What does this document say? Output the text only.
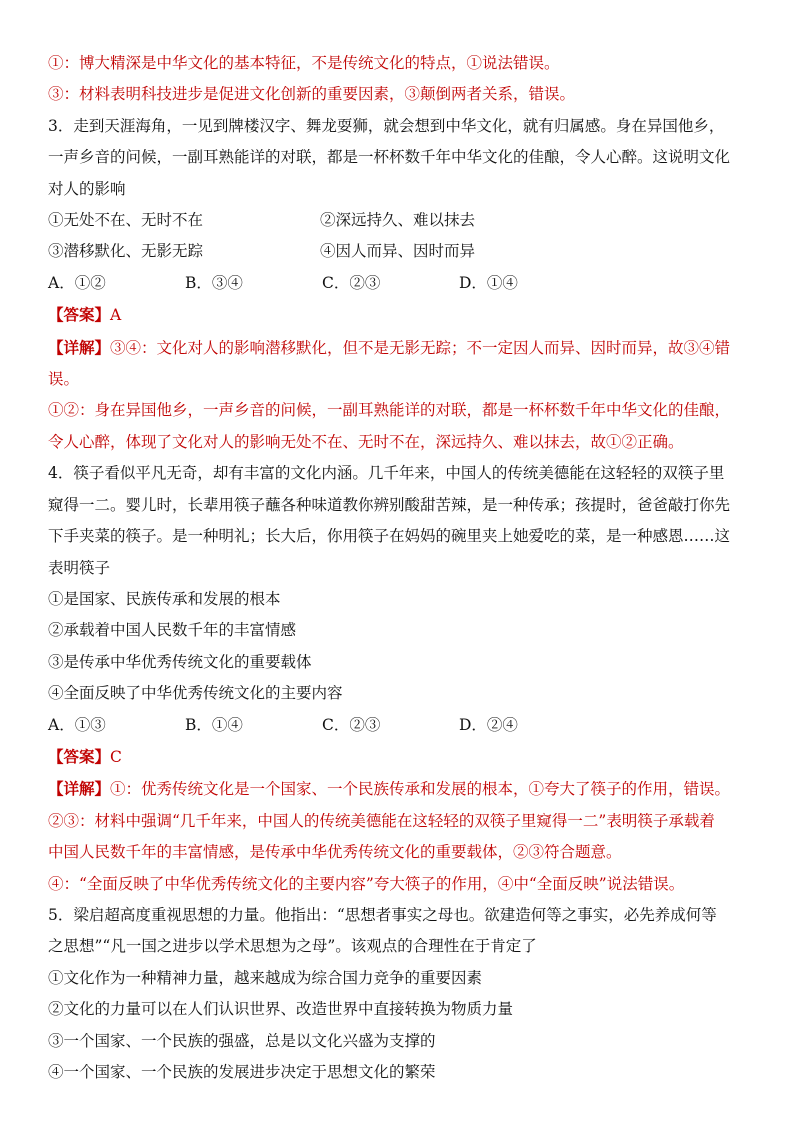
①：博大精深是中华文化的基本特征，不是传统文化的特点，①说法错误。
③：材料表明科技进步是促进文化创新的重要因素，③颠倒两者关系，错误。
3．走到天涯海角，一见到牌楼汉字、舞龙耍狮，就会想到中华文化，就有归属感。身在异国他乡，
一声乡音的问候，一副耳熟能详的对联，都是一杯杯数千年中华文化的佳酿，令人心醉。这说明文化
对人的影响
①无处不在、无时不在	②深远持久、难以抹去
③潜移默化、无影无踪	④因人而异、因时而异
A．①②	B．③④	C．②③	D．①④
【答案】A
【详解】③④：文化对人的影响潜移默化，但不是无影无踪；不一定因人而异、因时而异，故③④错
误。
①②：身在异国他乡，一声乡音的问候，一副耳熟能详的对联，都是一杯杯数千年中华文化的佳酿，
令人心醉，体现了文化对人的影响无处不在、无时不在，深远持久、难以抹去，故①②正确。
4．筷子看似平凡无奇，却有丰富的文化内涵。几千年来，中国人的传统美德能在这轻轻的双筷子里
窥得一二。婴儿时，长辈用筷子蘸各种味道教你辨别酸甜苦辣，是一种传承；孩提时，爸爸敲打你先
下手夹菜的筷子。是一种明礼；长大后，你用筷子在妈妈的碗里夹上她爱吃的菜，是一种感恩……这
表明筷子
①是国家、民族传承和发展的根本
②承载着中国人民数千年的丰富情感
③是传承中华优秀传统文化的重要载体
④全面反映了中华优秀传统文化的主要内容
A．①③	B．①④	C．②③	D．②④
【答案】C
【详解】①：优秀传统文化是一个国家、一个民族传承和发展的根本，①夸大了筷子的作用，错误。
②③：材料中强调“几千年来，中国人的传统美德能在这轻轻的双筷子里窥得一二”表明筷子承载着
中国人民数千年的丰富情感，是传承中华优秀传统文化的重要载体，②③符合题意。
④：“全面反映了中华优秀传统文化的主要内容”夸大筷子的作用，④中“全面反映”说法错误。
5．梁启超高度重视思想的力量。他指出：“思想者事实之母也。欲建造何等之事实，必先养成何等
之思想”“凡一国之进步以学术思想为之母”。该观点的合理性在于肯定了
①文化作为一种精神力量，越来越成为综合国力竞争的重要因素
②文化的力量可以在人们认识世界、改造世界中直接转换为物质力量
③一个国家、一个民族的强盛，总是以文化兴盛为支撑的
④一个国家、一个民族的发展进步决定于思想文化的繁荣
